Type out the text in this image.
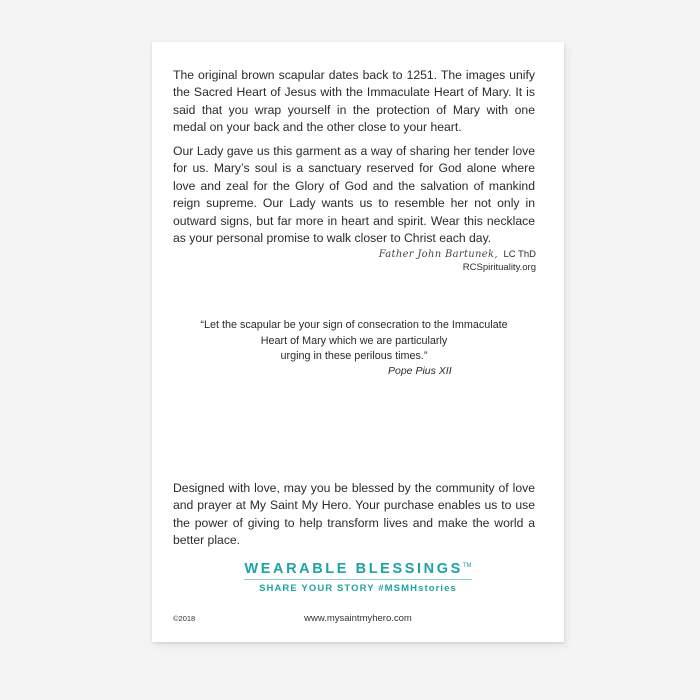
The original brown scapular dates back to 1251. The images unify the Sacred Heart of Jesus with the Immaculate Heart of Mary. It is said that you wrap yourself in the protection of Mary with one medal on your back and the other close to your heart.

Our Lady gave us this garment as a way of sharing her tender love for us. Mary’s soul is a sanctuary reserved for God alone where love and zeal for the Glory of God and the salvation of mankind reign supreme. Our Lady wants us to resemble her not only in outward signs, but far more in heart and spirit. Wear this necklace as your personal promise to walk closer to Christ each day.

Father John Bartunek, LC ThD
RCSpirituality.org
“Let the scapular be your sign of consecration to the Immaculate
Heart of Mary which we are particularly
urging in these perilous times.”
Pope Pius XII

Designed with love, may you be blessed by the community of love and prayer at My Saint My Hero. Your purchase enables us to use the power of giving to help transform lives and make the world a better place.

WEARABLE BLESSINGS™
SHARE YOUR STORY #MSMHstories
©2018	www.mysaintmyhero.com
